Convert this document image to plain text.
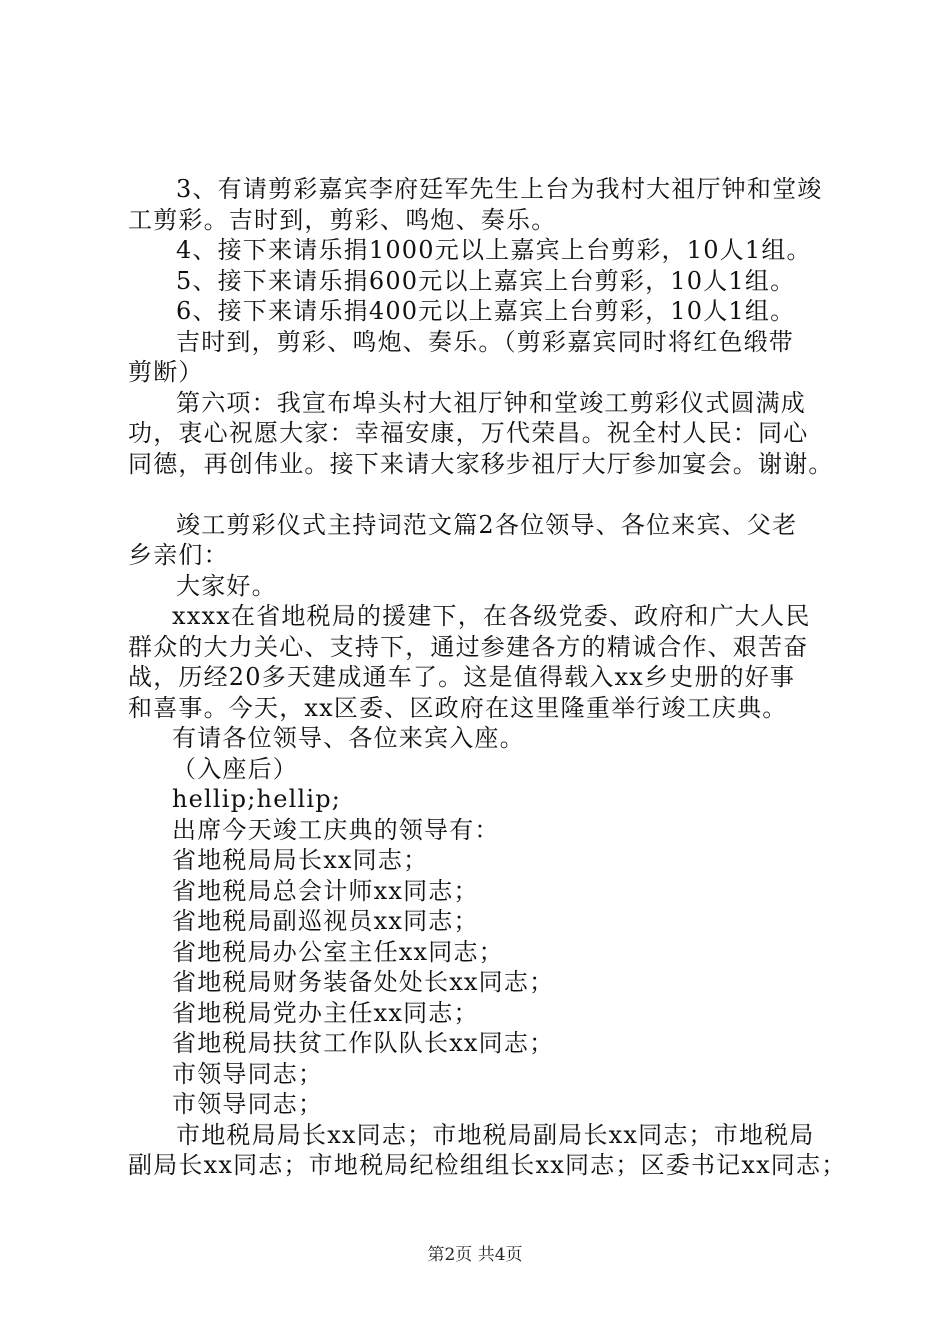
3、有请剪彩嘉宾李府廷军先生上台为我村大祖厅钟和堂竣
工剪彩。吉时到，剪彩、鸣炮、奏乐。
4、接下来请乐捐1000元以上嘉宾上台剪彩，10人1组。
5、接下来请乐捐600元以上嘉宾上台剪彩，10人1组。
6、接下来请乐捐400元以上嘉宾上台剪彩，10人1组。
吉时到，剪彩、鸣炮、奏乐。（剪彩嘉宾同时将红色缎带
剪断）
第六项：我宣布埠头村大祖厅钟和堂竣工剪彩仪式圆满成
功，衷心祝愿大家：幸福安康，万代荣昌。祝全村人民：同心
同德，再创伟业。接下来请大家移步祖厅大厅参加宴会。谢谢。
竣工剪彩仪式主持词范文篇2各位领导、各位来宾、父老
乡亲们：
大家好。
xxxx在省地税局的援建下，在各级党委、政府和广大人民
群众的大力关心、支持下，通过参建各方的精诚合作、艰苦奋
战，历经20多天建成通车了。这是值得载入xx乡史册的好事
和喜事。今天，xx区委、区政府在这里隆重举行竣工庆典。
有请各位领导、各位来宾入座。
（入座后）
hellip;hellip;
出席今天竣工庆典的领导有：
省地税局局长xx同志；
省地税局总会计师xx同志；
省地税局副巡视员xx同志；
省地税局办公室主任xx同志；
省地税局财务装备处处长xx同志；
省地税局党办主任xx同志；
省地税局扶贫工作队队长xx同志；
市领导同志；
市领导同志；
市地税局局长xx同志；市地税局副局长xx同志；市地税局
副局长xx同志；市地税局纪检组组长xx同志；区委书记xx同志；
第2页 共4页
